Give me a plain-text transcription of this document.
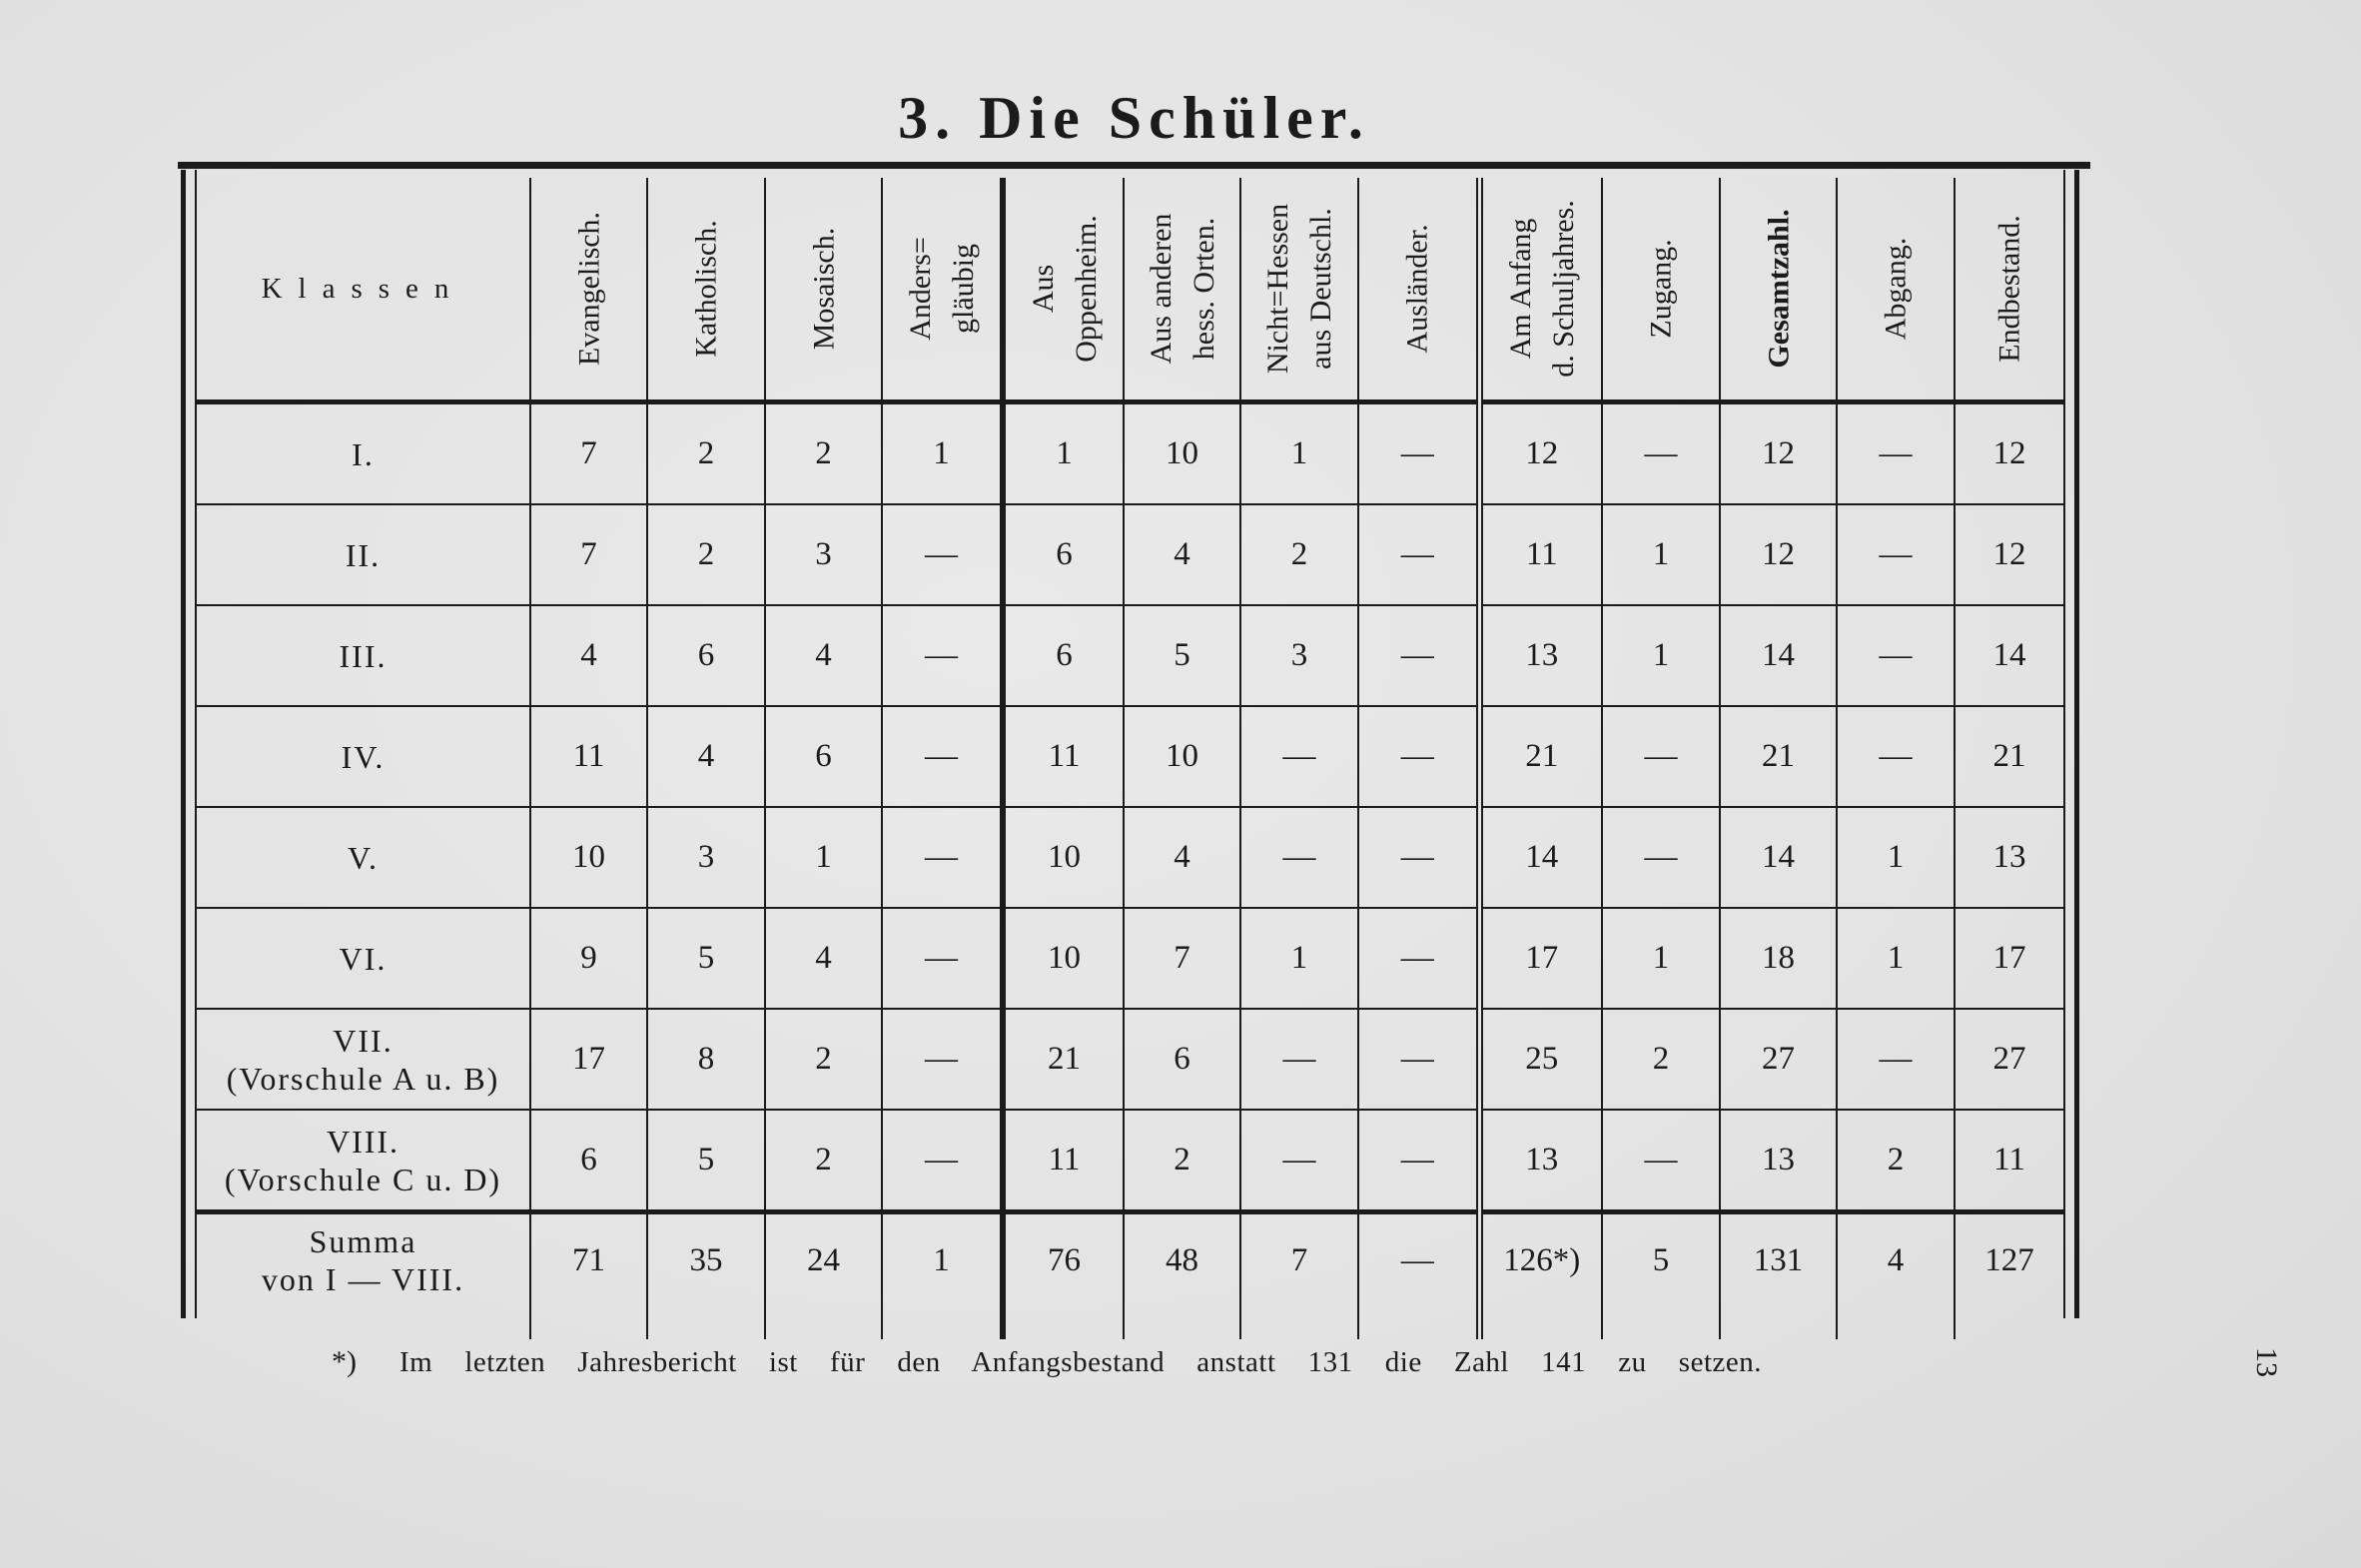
3. Die Schüler.
Klassen	Evangelisch.	Katholisch.	Mosaisch.	Anders= gläubig	Aus Oppenheim.	Aus anderen hess. Orten.	Nicht=Hessen aus Deutschl.	Ausländer.	Am Anfang d. Schuljahres.	Zugang.	Gesamtzahl.	Abgang.	Endbestand.

I.	7	2	2	1	1	10	1	—	12	—	12	—	12

II.	7	2	3	—	6	4	2	—	11	1	12	—	12

III.	4	6	4	—	6	5	3	—	13	1	14	—	14

IV.	11	4	6	—	11	10	—	—	21	—	21	—	21

V.	10	3	1	—	10	4	—	—	14	—	14	1	13

VI.	9	5	4	—	10	7	1	—	17	1	18	1	17

VII.
(Vorschule A u. B)	17	8	2	—	21	6	—	—	25	2	27	—	27

VIII.
(Vorschule C u. D)	6	5	2	—	11	2	—	—	13	—	13	2	11

Summa
von I — VIII.	71	35	24	1	76	48	7	—	126*)	5	131	4	127
*) Im letzten Jahresbericht ist für den Anfangsbestand anstatt 131 die Zahl 141 zu setzen.	13
